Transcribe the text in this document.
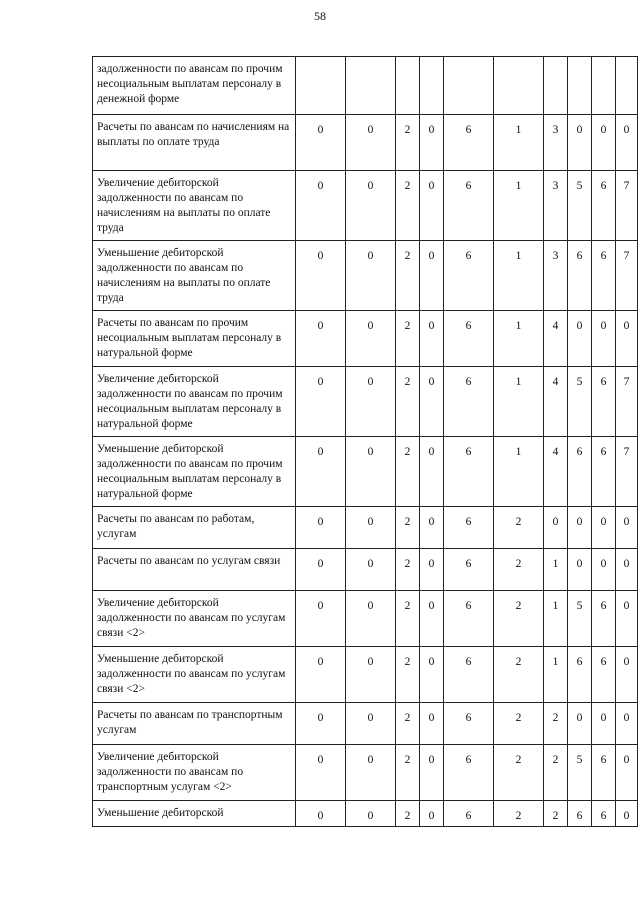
58
задолженности по авансам по прочим несоциальным выплатам персоналу в денежной форме										
Расчеты по авансам по начислениям на выплаты по оплате труда	0	0	2	0	6	1	3	0	0	0
Увеличение дебиторской задолженности по авансам по начислениям на выплаты по оплате труда	0	0	2	0	6	1	3	5	6	7
Уменьшение дебиторской задолженности по авансам по начислениям на выплаты по оплате труда	0	0	2	0	6	1	3	6	6	7
Расчеты по авансам по прочим несоциальным выплатам персоналу в натуральной форме	0	0	2	0	6	1	4	0	0	0
Увеличение дебиторской задолженности по авансам по прочим несоциальным выплатам персоналу в натуральной форме	0	0	2	0	6	1	4	5	6	7
Уменьшение дебиторской задолженности по авансам по прочим несоциальным выплатам персоналу в натуральной форме	0	0	2	0	6	1	4	6	6	7
Расчеты по авансам по работам, услугам	0	0	2	0	6	2	0	0	0	0
Расчеты по авансам по услугам связи	0	0	2	0	6	2	1	0	0	0
Увеличение дебиторской задолженности по авансам по услугам связи <2>	0	0	2	0	6	2	1	5	6	0
Уменьшение дебиторской задолженности по авансам по услугам связи <2>	0	0	2	0	6	2	1	6	6	0
Расчеты по авансам по транспортным услугам	0	0	2	0	6	2	2	0	0	0
Увеличение дебиторской задолженности по авансам по транспортным услугам <2>	0	0	2	0	6	2	2	5	6	0
Уменьшение дебиторской	0	0	2	0	6	2	2	6	6	0
